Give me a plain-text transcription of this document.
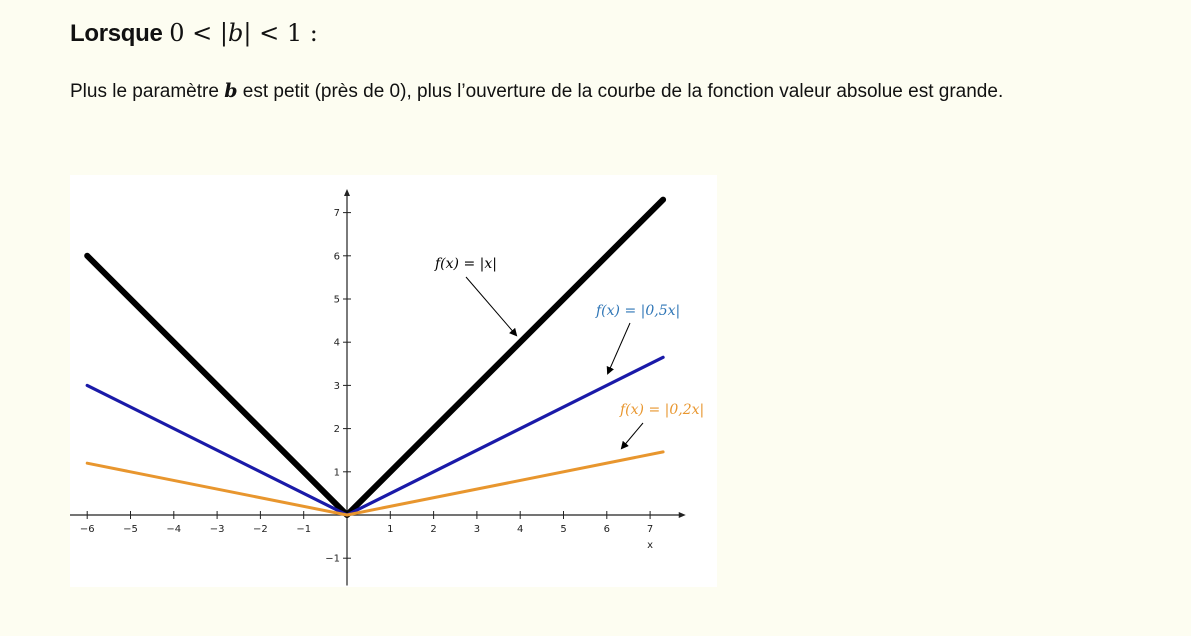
Lorsque 0 < |b| < 1 :
Plus le paramètre b est petit (près de 0), plus l’ouverture de la courbe de la fonction valeur absolue est grande.
−6	−5	−4	−3	−2	−1	1	2	3	4	5	6	7
−1
1
2
3
4
5
6
7
x
f(x) = |x|
f(x) = |0,5x|
f(x) = |0,2x|
